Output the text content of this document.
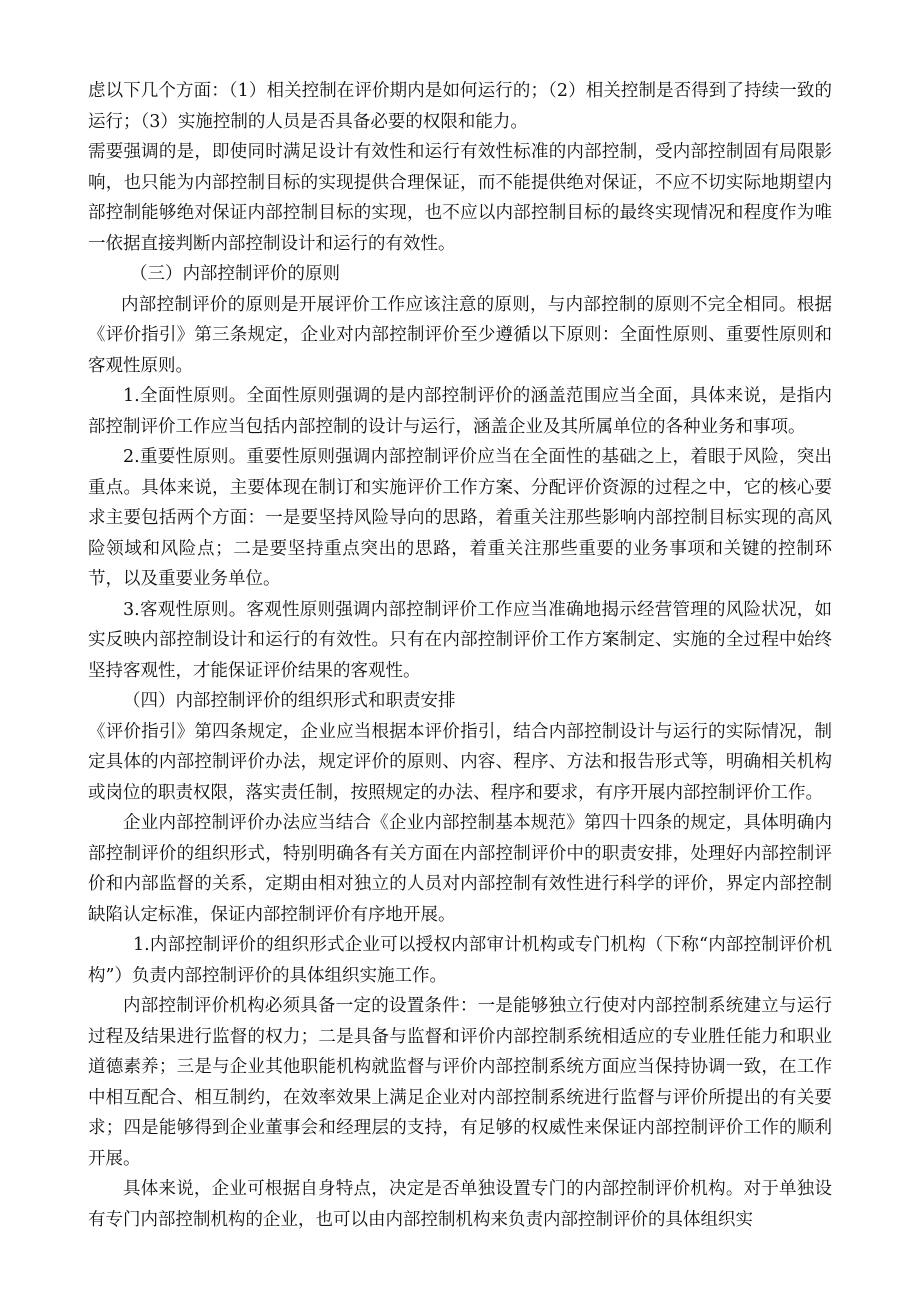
虑以下几个方面：（1）相关控制在评价期内是如何运行的；（2）相关控制是否得到了持续一致的运行；（3）实施控制的人员是否具备必要的权限和能力。

需要强调的是，即使同时满足设计有效性和运行有效性标准的内部控制，受内部控制固有局限影响，也只能为内部控制目标的实现提供合理保证，而不能提供绝对保证，不应不切实际地期望内部控制能够绝对保证内部控制目标的实现，也不应以内部控制目标的最终实现情况和程度作为唯一依据直接判断内部控制设计和运行的有效性。

（三）内部控制评价的原则

内部控制评价的原则是开展评价工作应该注意的原则，与内部控制的原则不完全相同。根据《评价指引》第三条规定，企业对内部控制评价至少遵循以下原则：全面性原则、重要性原则和客观性原则。

1.全面性原则。全面性原则强调的是内部控制评价的涵盖范围应当全面，具体来说，是指内部控制评价工作应当包括内部控制的设计与运行，涵盖企业及其所属单位的各种业务和事项。

2.重要性原则。重要性原则强调内部控制评价应当在全面性的基础之上，着眼于风险，突出重点。具体来说，主要体现在制订和实施评价工作方案、分配评价资源的过程之中，它的核心要求主要包括两个方面：一是要坚持风险导向的思路，着重关注那些影响内部控制目标实现的高风险领域和风险点；二是要坚持重点突出的思路，着重关注那些重要的业务事项和关键的控制环节，以及重要业务单位。

3.客观性原则。客观性原则强调内部控制评价工作应当准确地揭示经营管理的风险状况，如实反映内部控制设计和运行的有效性。只有在内部控制评价工作方案制定、实施的全过程中始终坚持客观性，才能保证评价结果的客观性。

（四）内部控制评价的组织形式和职责安排

《评价指引》第四条规定，企业应当根据本评价指引，结合内部控制设计与运行的实际情况，制定具体的内部控制评价办法，规定评价的原则、内容、程序、方法和报告形式等，明确相关机构或岗位的职责权限，落实责任制，按照规定的办法、程序和要求，有序开展内部控制评价工作。

企业内部控制评价办法应当结合《企业内部控制基本规范》第四十四条的规定，具体明确内部控制评价的组织形式，特别明确各有关方面在内部控制评价中的职责安排，处理好内部控制评价和内部监督的关系，定期由相对独立的人员对内部控制有效性进行科学的评价，界定内部控制缺陷认定标准，保证内部控制评价有序地开展。

1.内部控制评价的组织形式企业可以授权内部审计机构或专门机构（下称“内部控制评价机构”）负责内部控制评价的具体组织实施工作。

内部控制评价机构必须具备一定的设置条件：一是能够独立行使对内部控制系统建立与运行过程及结果进行监督的权力；二是具备与监督和评价内部控制系统相适应的专业胜任能力和职业道德素养；三是与企业其他职能机构就监督与评价内部控制系统方面应当保持协调一致，在工作中相互配合、相互制约，在效率效果上满足企业对内部控制系统进行监督与评价所提出的有关要求；四是能够得到企业董事会和经理层的支持，有足够的权威性来保证内部控制评价工作的顺利开展。

具体来说，企业可根据自身特点，决定是否单独设置专门的内部控制评价机构。对于单独设有专门内部控制机构的企业，也可以由内部控制机构来负责内部控制评价的具体组织实
